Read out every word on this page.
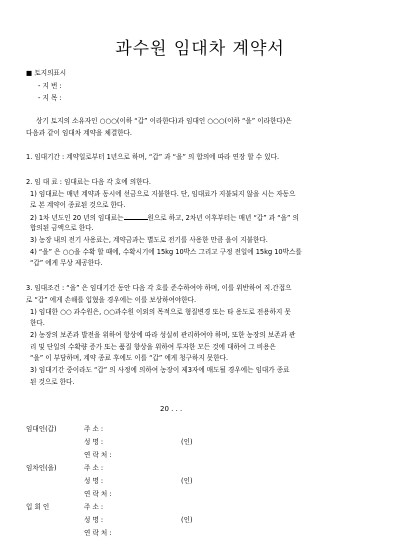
과수원 임대차 계약서
■ 토지의표시
- 지 번 :
- 지 목 :
상기 토지의 소유자인 ○○○(이하 “갑” 이라한다)과 임대인 ○○○(이하 “을” 이라한다)은
다음과 같이 임대차 계약을 체결한다.
1. 임대기간 : 계약일로부터 1년으로 하며, “갑” 과 “을” 의 합의에 따라 연장 할 수 있다.
2. 임 대 료 : 임대료는 다음 각 호에 의한다.
1) 임대료는 매년 계약과 동시에 선금으로 지불한다. 단, 임대료가 지불되지 않을 시는 자동으
로 본 계약이 종료된 것으로 한다.
2) 1차 년도인 20 년의 임대료는	원으로 하고, 2차년 이후부터는 매년 “갑” 과 “을” 의
합의된 금액으로 한다.
3) 농장 내의 전기 사용료는, 계약금과는 별도로 전기를 사용한 만큼 을이 지불한다.
4) “을” 은 ○○을 수확 할 때에, 수확시기에 15kg 10박스 그리고 구정 전일에 15kg 10박스를
“갑” 에게 무상 제공한다.
3. 임대조건 : “을” 은 임대기간 동안 다음 각 호를 준수하여야 하며, 이를 위반하여 직.간접으
로 “갑” 에게 손해를 입혔을 경우에는 이를 보상하여야한다.
1) 임대한 ○○ 과수원은, ○○과수원 이외의 목적으로 형질변경 또는 타 용도로 전용하지 못
한다.
2) 농장의 보존과 발전을 위하여 항상에 따라 성실히 관리하여야 하며, 또한 농장의 보존과 관
리 및 단일의 수확량 증가 또는 품질 향상을 위하여 투자한 모든 것에 대하여 그 비용은
“을” 이 부담하며, 계약 종료 후에도 이를 “갑” 에게 청구하지 못한다.
3) 임대기간 중이라도 “갑” 의 사정에 의하여 농장이 제3자에 매도될 경우에는 임대가 종료
된 것으로 한다.
20 . . .
임대인(갑)	주 소 :
성 명 :	(인)
연 락 처 :
임차인(을)	주 소 :
성 명 :	(인)
연 락 처 :
입 회 인	주 소 :
성 명 :	(인)
연 락 처 :
